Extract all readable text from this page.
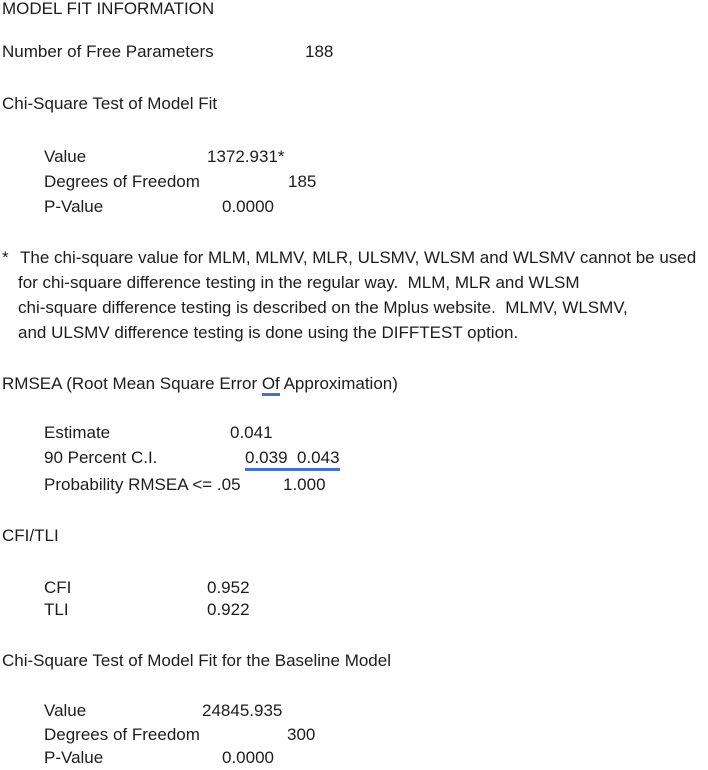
MODEL FIT INFORMATION
Number of Free Parameters	188
Chi-Square Test of Model Fit
Value	1372.931*
Degrees of Freedom	185
P-Value	0.0000
* The chi-square value for MLM, MLMV, MLR, ULSMV, WLSM and WLSMV cannot be used
for chi-square difference testing in the regular way.  MLM, MLR and WLSM
chi-square difference testing is described on the Mplus website.  MLMV, WLSMV,
and ULSMV difference testing is done using the DIFFTEST option.
RMSEA (Root Mean Square Error Of Approximation)
Estimate	0.041
90 Percent C.I.	0.039  0.043
Probability RMSEA <= .05 1.000
CFI/TLI
CFI	0.952
TLI	0.922
Chi-Square Test of Model Fit for the Baseline Model
Value	24845.935
Degrees of Freedom	300
P-Value	0.0000
